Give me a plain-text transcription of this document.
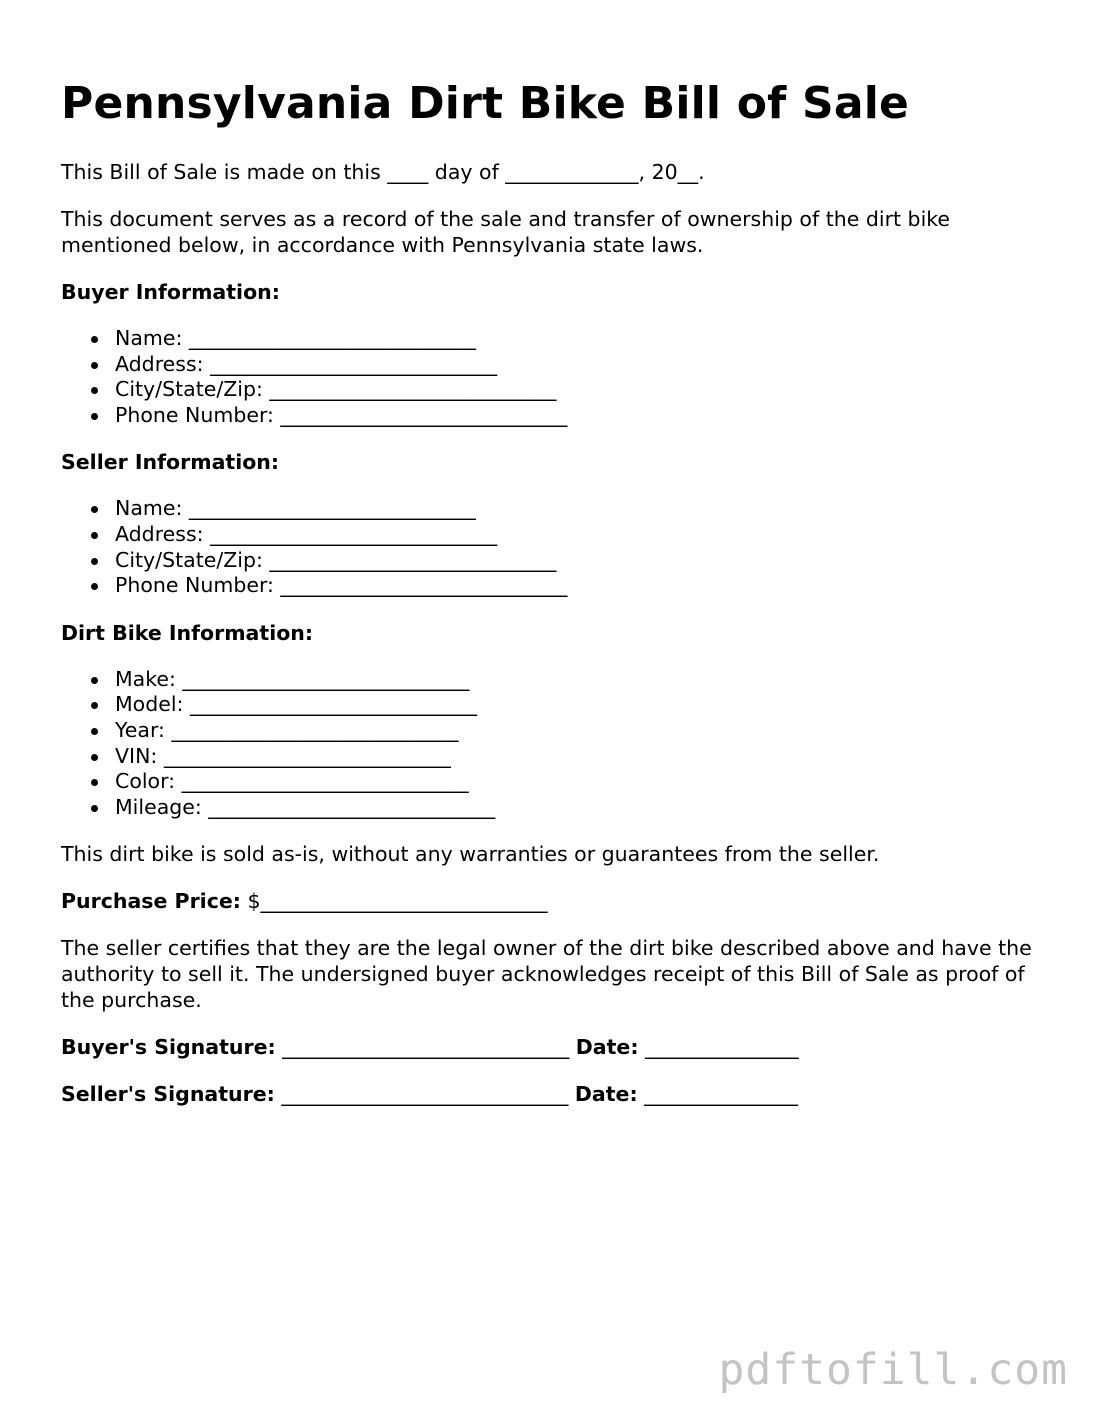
Pennsylvania Dirt Bike Bill of Sale

This Bill of Sale is made on this ____ day of _____________, 20__.

This document serves as a record of the sale and transfer of ownership of the dirt bike mentioned below, in accordance with Pennsylvania state laws.

Buyer Information:
Name: ____________________________
Address: ____________________________
City/State/Zip: ____________________________
Phone Number: ____________________________
Seller Information:
Name: ____________________________
Address: ____________________________
City/State/Zip: ____________________________
Phone Number: ____________________________
Dirt Bike Information:
Make: ____________________________
Model: ____________________________
Year: ____________________________
VIN: ____________________________
Color: ____________________________
Mileage: ____________________________

This dirt bike is sold as-is, without any warranties or guarantees from the seller.

Purchase Price: $____________________________

The seller certifies that they are the legal owner of the dirt bike described above and have the authority to sell it. The undersigned buyer acknowledges receipt of this Bill of Sale as proof of the purchase.

Buyer's Signature: ____________________________ Date: _______________
Seller's Signature: ____________________________ Date: _______________
pdftofill.com
